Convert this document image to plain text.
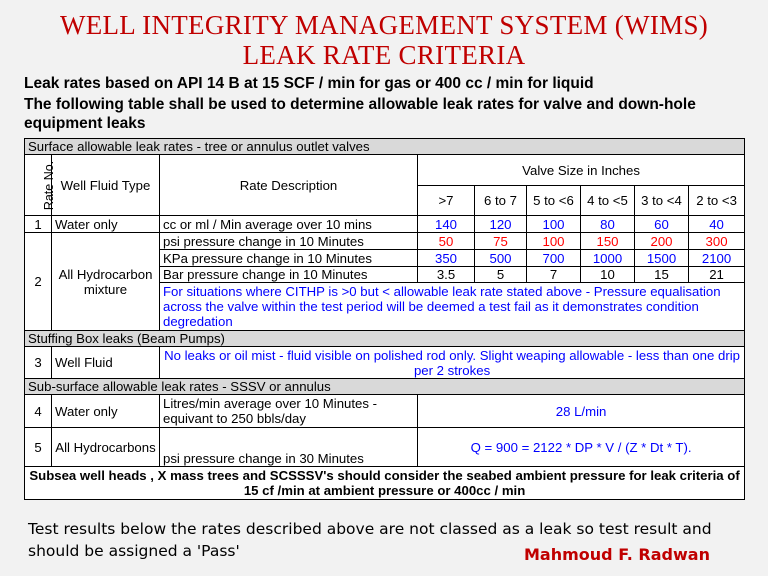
WELL INTEGRITY MANAGEMENT SYSTEM (WIMS)
LEAK RATE CRITERIA
Leak rates based on API 14 B at 15 SCF / min for gas or 400 cc / min for liquid
The following table shall be used to determine allowable leak rates for valve and down-hole equipment leaks
Surface allowable leak rates - tree or annulus outlet valves								
Rate No.	Well Fluid Type	Rate Description	Valve Size in Inches					
			>7	6 to 7	5 to <6	4 to <5	3 to <4	2 to <3
1	Water only	cc or ml / Min average over 10 mins	140	120	100	80	60	40
2	All Hydrocarbon mixture	psi pressure change in 10 Minutes	50	75	100	150	200	300
		KPa pressure change in 10 Minutes	350	500	700	1000	1500	2100
		Bar pressure change in 10 Minutes	3.5	5	7	10	15	21
		For situations where CITHP is >0 but < allowable leak rate stated above - Pressure equalisation across the valve within the test period will be deemed a test fail as it demonstrates condition degredation						
Stuffing Box leaks (Beam Pumps)								
3	Well Fluid	No leaks or oil mist - fluid visible on polished rod only. Slight weaping allowable - less than one drip per 2 strokes						
Sub-surface allowable leak rates - SSSV or annulus								
4	Water only	Litres/min average over 10 Minutes - equivant to 250 bbls/day	28 L/min					
5	All Hydrocarbons	psi pressure change in 30 Minutes	Q = 900 = 2122 * DP * V / (Z * Dt * T).					
Subsea well heads , X mass trees and SCSSSV's should consider the seabed ambient pressure for leak criteria of 15 cf /min at ambient pressure or 400cc / min								
Test results below the rates described above are not classed as a leak so test result and should be assigned a 'Pass'	Mahmoud F. Radwan
